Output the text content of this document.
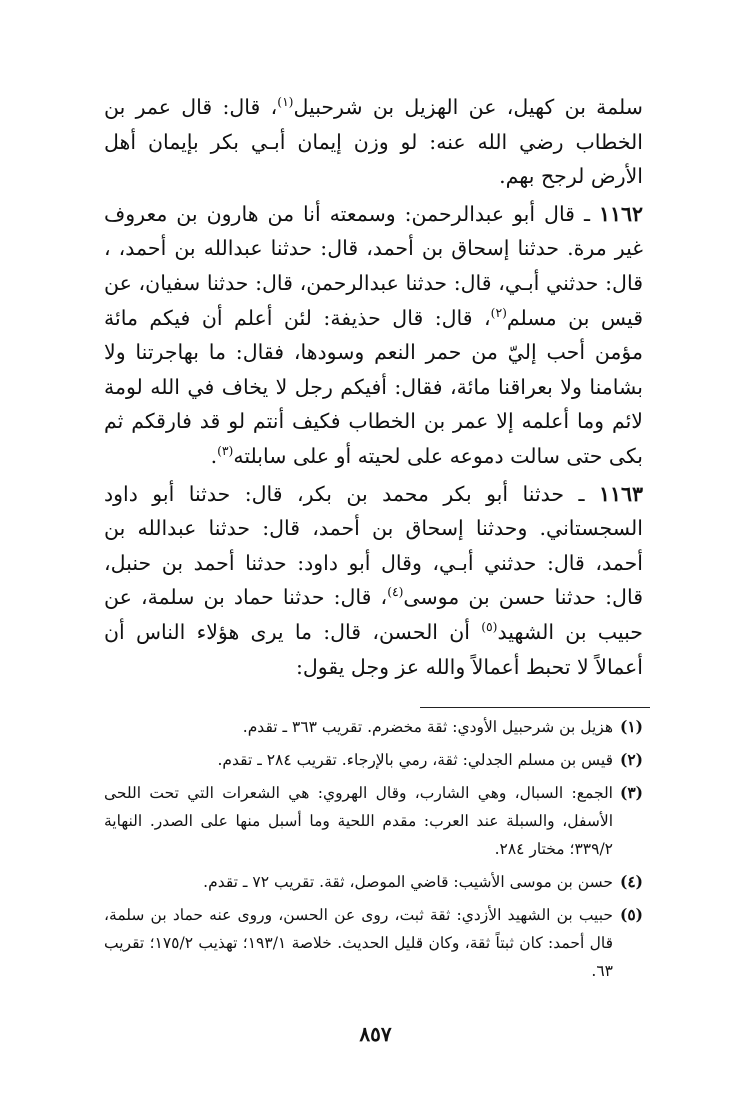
سلمة بن كهيل، عن الهزيل بن شرحبيل$^{(١)}$، قال: قال عمر بن الخطاب رضي الله عنه: لو وزن إيمان أبـي بكر بإيمان أهل الأرض لرجح بهم.

١١٦٢ ـ قال أبو عبدالرحمن: وسمعته أنا من هارون بن معروف غير مرة. حدثنا إسحاق بن أحمد، قال: حدثنا عبدالله بن أحمد، ، قال: حدثني أبـي، قال: حدثنا عبدالرحمن، قال: حدثنا سفيان، عن قيس بن مسلم$^{(٢)}$، قال: قال حذيفة: لئن أعلم أن فيكم مائة مؤمن أحب إليّ من حمر النعم وسودها، فقال: ما بهاجرتنا ولا بشامنا ولا بعراقنا مائة، فقال: أفيكم رجل لا يخاف في الله لومة لائم وما أعلمه إلا عمر بن الخطاب فكيف أنتم لو قد فارقكم ثم بكى حتى سالت دموعه على لحيته أو على سابلته$^{(٣)}$.

١١٦٣ ـ حدثنا أبو بكر محمد بن بكر، قال: حدثنا أبو داود السجستاني. وحدثنا إسحاق بن أحمد، قال: حدثنا عبدالله بن أحمد، قال: حدثني أبـي، وقال أبو داود: حدثنا أحمد بن حنبل، قال: حدثنا حسن بن موسى$^{(٤)}$، قال: حدثنا حماد بن سلمة، عن حبيب بن الشهيد$^{(٥)}$ أن الحسن، قال: ما يرى هؤلاء الناس أن أعمالاً لا تحبط أعمالاً والله عز وجل يقول:

(١)
هزيل بن شرحبيل الأودي: ثقة مخضرم. تقريب ٣٦٣ ـ تقدم.
(٢)
قيس بن مسلم الجدلي: ثقة، رمي بالإرجاء. تقريب ٢٨٤ ـ تقدم.
(٣)
الجمع: السبال، وهي الشارب، وقال الهروي: هي الشعرات التي تحت اللحى الأسفل، والسبلة عند العرب: مقدم اللحية وما أسبل منها على الصدر. النهاية ٣٣٩/٢؛ مختار ٢٨٤.
(٤)
حسن بن موسى الأشيب: قاضي الموصل، ثقة. تقريب ٧٢ ـ تقدم.
(٥)
حبيب بن الشهيد الأزدي: ثقة ثبت، روى عن الحسن، وروى عنه حماد بن سلمة، قال أحمد: كان ثبتاً ثقة، وكان قليل الحديث. خلاصة ١٩٣/١؛ تهذيب ١٧٥/٢؛ تقريب ٦٣.
٨٥٧
